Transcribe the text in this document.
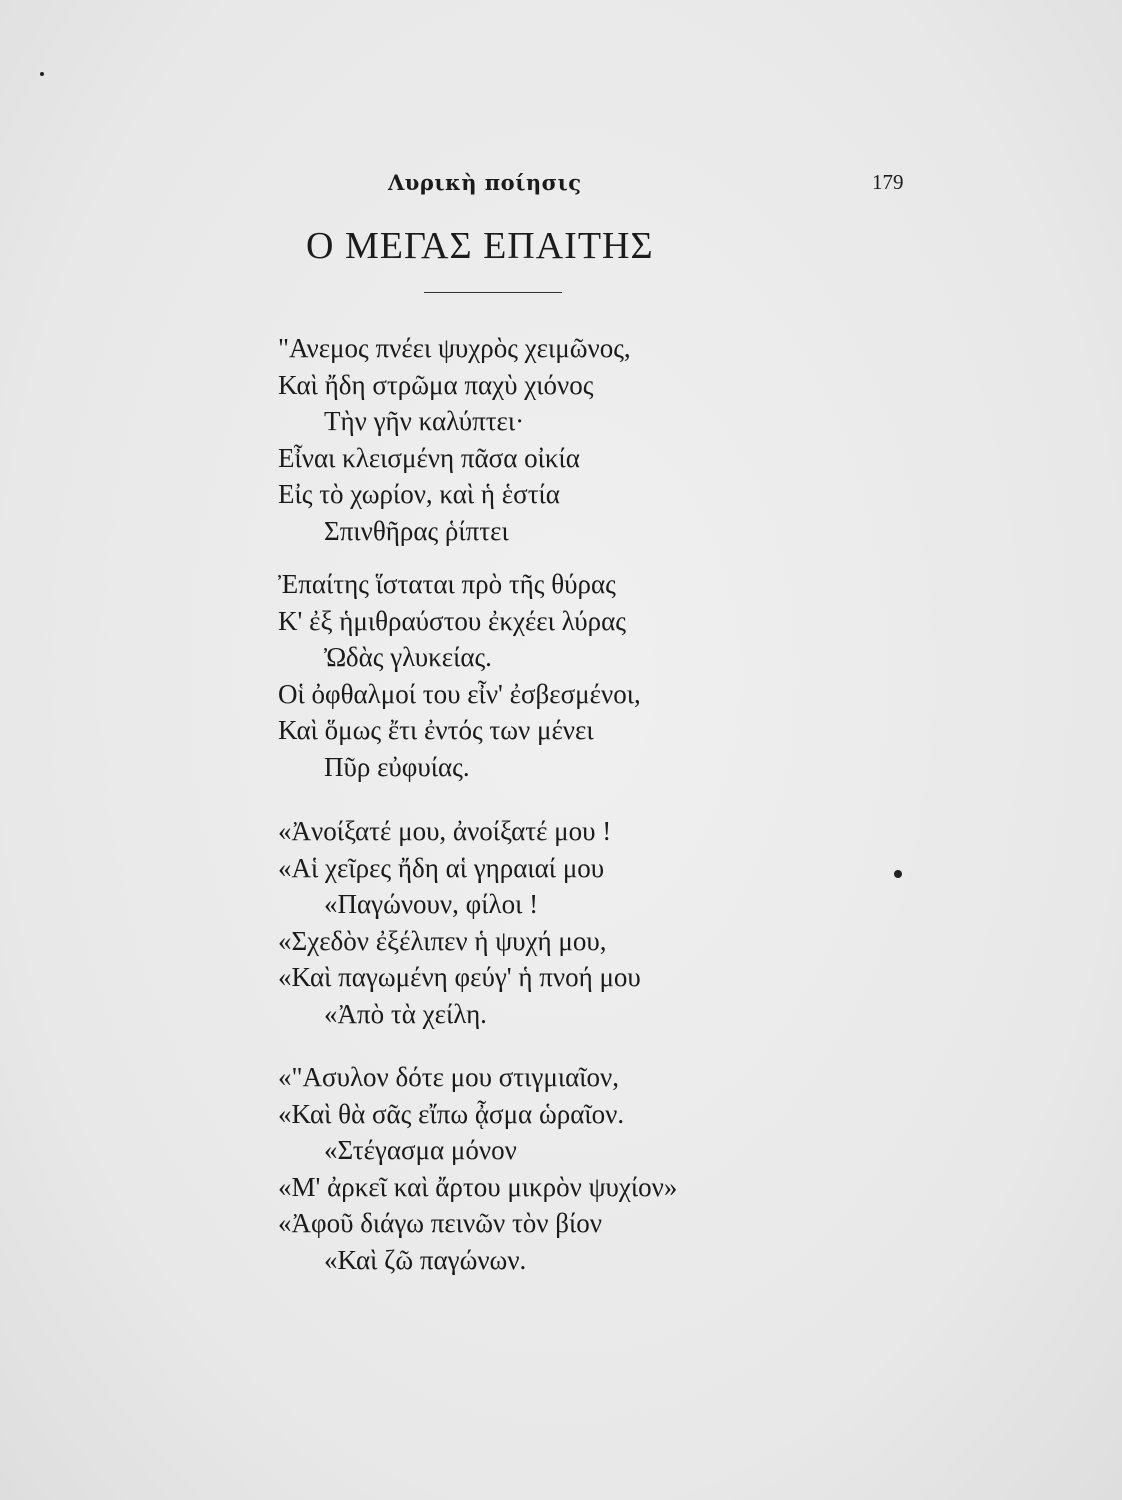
Λυρικὴ ποίησις	179
Ο ΜΕΓΑΣ ΕΠΑΙΤΗΣ
"Ανεμος πνέει ψυχρὸς χειμῶνος,
Καὶ ἤδη στρῶμα παχὺ χιόνος
Τὴν γῆν καλύπτει·
Εἶναι κλεισμένη πᾶσα οἰκία
Εἰς τὸ χωρίον, καὶ ἡ ἑστία
Σπινθῆρας ῥίπτει
Ἐπαίτης ἵσταται πρὸ τῆς θύρας
Κ' ἐξ ἡμιθραύστου ἐκχέει λύρας
Ὠδὰς γλυκείας.
Οἱ ὀφθαλμοί του εἶν' ἐσβεσμένοι,
Καὶ ὅμως ἔτι ἐντός των μένει
Πῦρ εὐφυίας.
«Ἀνοίξατέ μου, ἀνοίξατέ μου !
«Αἱ χεῖρες ἤδη αἱ γηραιαί μου
«Παγώνουν, φίλοι !
«Σχεδὸν ἐξέλιπεν ἡ ψυχή μου,
«Καὶ παγωμένη φεύγ' ἡ πνοή μου
«Ἀπὸ τὰ χείλη.
«"Ασυλον δότε μου στιγμιαῖον,
«Καὶ θὰ σᾶς εἴπω ᾆσμα ὡραῖον.
«Στέγασμα μόνον
«Μ' ἀρκεῖ καὶ ἄρτου μικρὸν ψυχίον»
«Ἀφοῦ διάγω πεινῶν τὸν βίον
«Καὶ ζῶ παγώνων.
